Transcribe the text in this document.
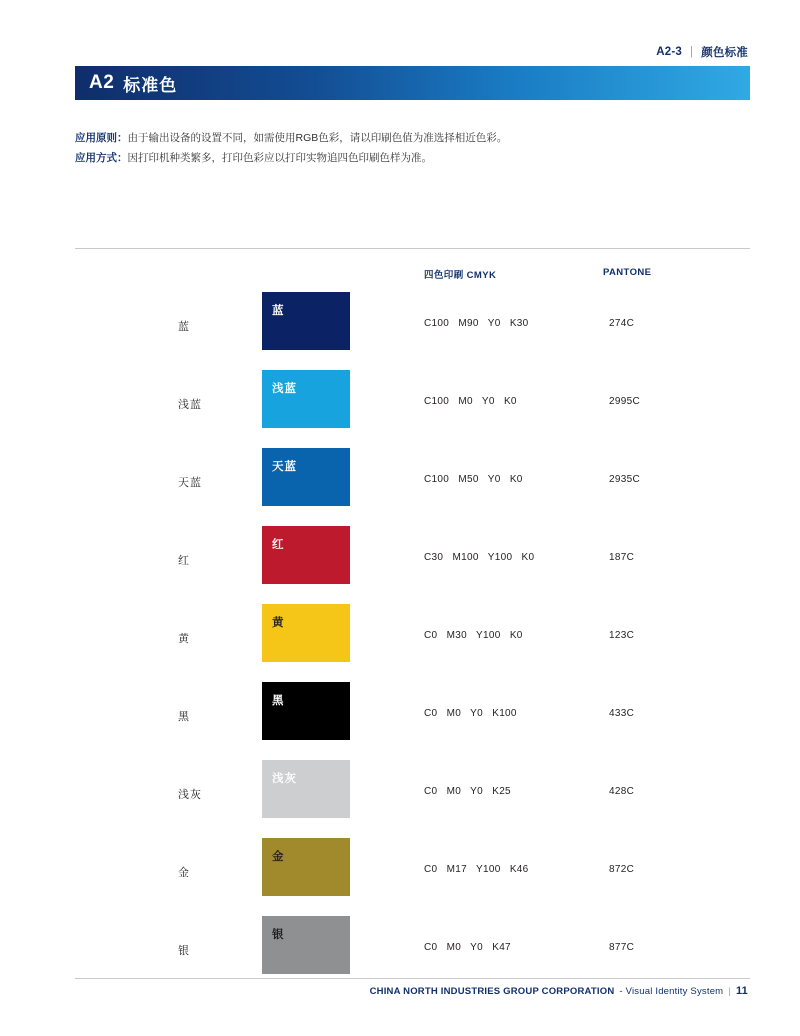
A2-3 | 颜色标准
A2 标准色
应用原则：由于输出设备的设置不同，如需使用RGB色彩，请以印刷色值为准选择相近色彩。
应用方式：因打印机种类繁多，打印色彩应以打印实物追四色印刷色样为准。
四色印刷 CMYK	PANTONE
蓝
蓝
C100   M90   Y0   K30	274C
浅蓝
浅蓝
C100   M0   Y0   K0	2995C
天蓝
天蓝
C100   M50   Y0   K0	2935C
红
红
C30   M100   Y100   K0	187C
黄
黄
C0   M30   Y100   K0	123C
黑
黑
C0   M0   Y0   K100	433C
浅灰
浅灰
C0   M0   Y0   K25	428C
金
金
C0   M17   Y100   K46	872C
银
银
C0   M0   Y0   K47	877C
CHINA NORTH INDUSTRIES GROUP CORPORATION - Visual Identity System | 11
